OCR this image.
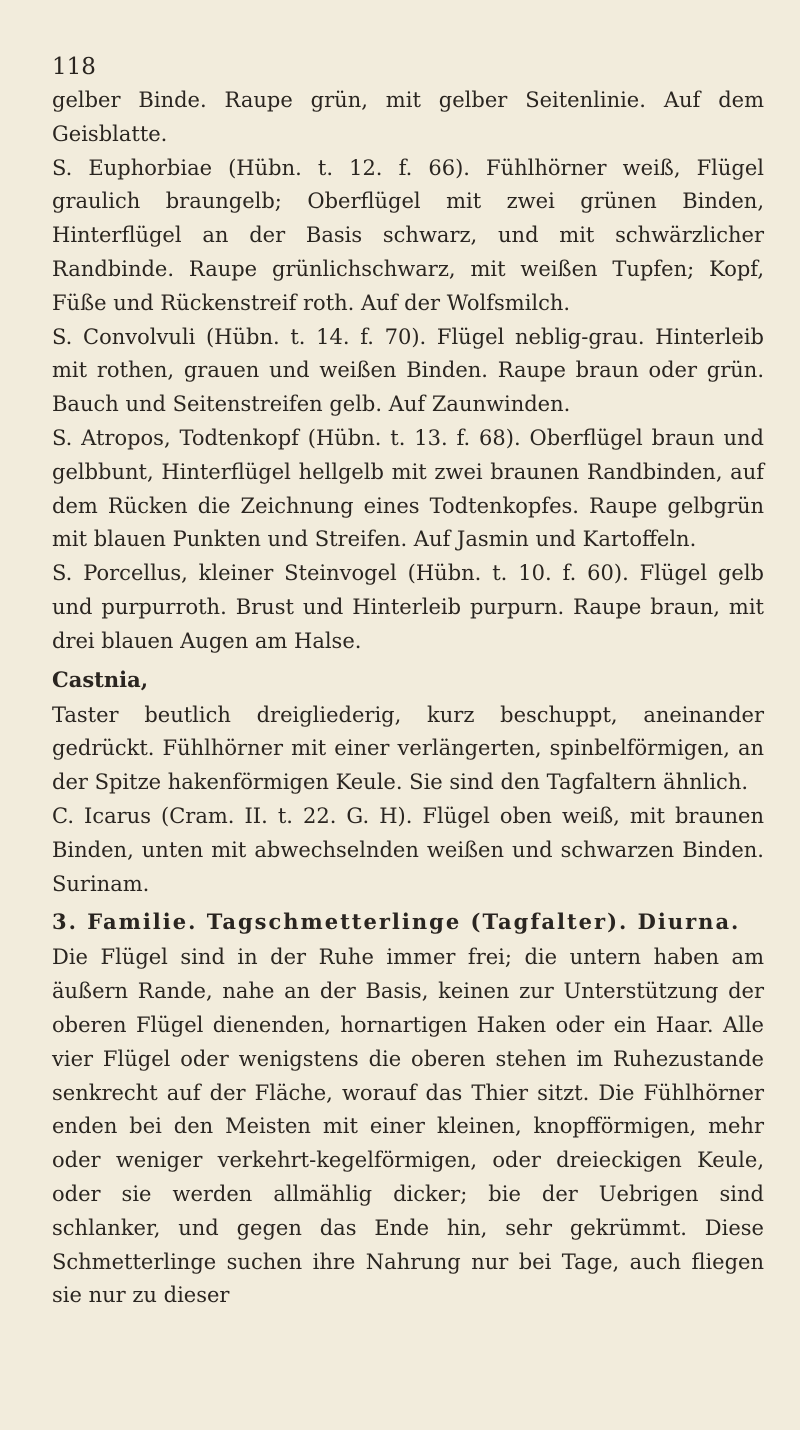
118

gelber Binde. Raupe grün, mit gelber Seitenlinie. Auf dem Geisblatte.

S. Euphorbiae (Hübn. t. 12. f. 66). Fühlhörner weiß, Flügel graulich braungelb; Oberflügel mit zwei grünen Binden, Hinterflügel an der Basis schwarz, und mit schwärzlicher Randbinde. Raupe grünlichschwarz, mit weißen Tupfen; Kopf, Füße und Rückenstreif roth. Auf der Wolfsmilch.

S. Convolvuli (Hübn. t. 14. f. 70). Flügel neblig-grau. Hinterleib mit rothen, grauen und weißen Binden. Raupe braun oder grün. Bauch und Seitenstreifen gelb. Auf Zaunwinden.

S. Atropos, Todtenkopf (Hübn. t. 13. f. 68). Oberflügel braun und gelbbunt, Hinterflügel hellgelb mit zwei braunen Randbinden, auf dem Rücken die Zeichnung eines Todtenkopfes. Raupe gelbgrün mit blauen Punkten und Streifen. Auf Jasmin und Kartoffeln.

S. Porcellus, kleiner Steinvogel (Hübn. t. 10. f. 60). Flügel gelb und purpurroth. Brust und Hinterleib purpurn. Raupe braun, mit drei blauen Augen am Halse.

Castnia,

Taster beutlich dreigliederig, kurz beschuppt, aneinander gedrückt. Fühlhörner mit einer verlängerten, spinbelförmigen, an der Spitze hakenförmigen Keule. Sie sind den Tagfaltern ähnlich.

C. Icarus (Cram. II. t. 22. G. H). Flügel oben weiß, mit braunen Binden, unten mit abwechselnden weißen und schwarzen Binden. Surinam.

3. Familie. Tagschmetterlinge (Tagfalter). Diurna.

Die Flügel sind in der Ruhe immer frei; die untern haben am äußern Rande, nahe an der Basis, keinen zur Unterstützung der oberen Flügel dienenden, hornartigen Haken oder ein Haar. Alle vier Flügel oder wenigstens die oberen stehen im Ruhezustande senkrecht auf der Fläche, worauf das Thier sitzt. Die Fühlhörner enden bei den Meisten mit einer kleinen, knopfförmigen, mehr oder weniger verkehrt-kegelförmigen, oder dreieckigen Keule, oder sie werden allmählig dicker; bie der Uebrigen sind schlanker, und gegen das Ende hin, sehr gekrümmt. Diese Schmetterlinge suchen ihre Nahrung nur bei Tage, auch fliegen sie nur zu dieser
